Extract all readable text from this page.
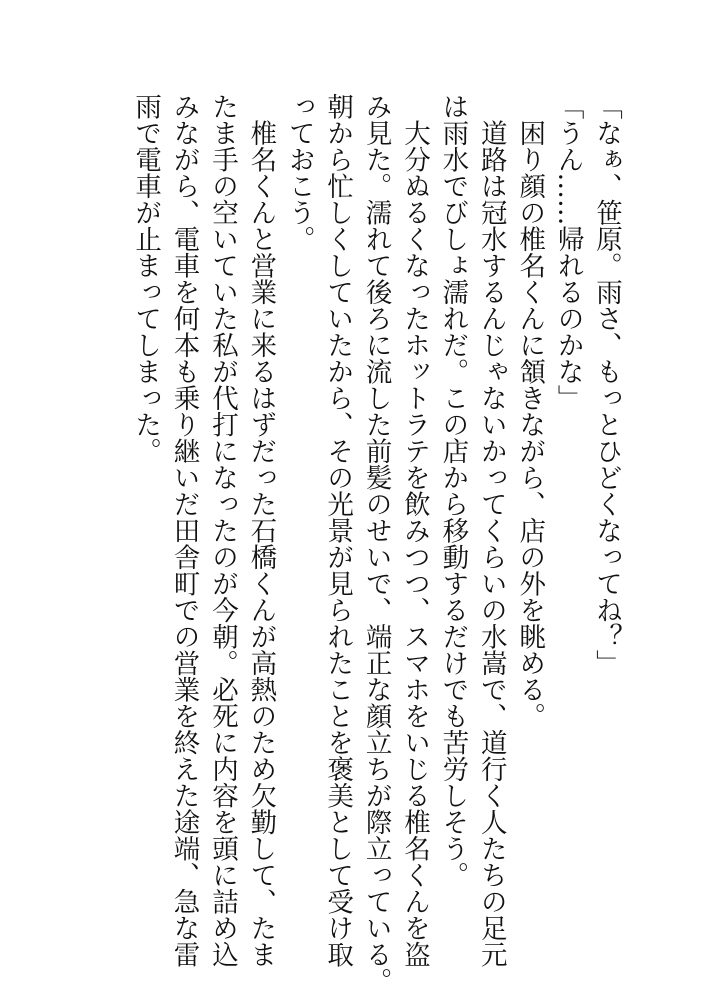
「なぁ、笹原。雨さ、もっとひどくなってね？」
「うん……帰れるのかな」
　困り顔の椎名くんに頷きながら、店の外を眺める。
　道路は冠水するんじゃないかってくらいの水嵩で、道行く人たちの足元
は雨水でびしょ濡れだ。この店から移動するだけでも苦労しそう。
　大分ぬるくなったホットラテを飲みつつ、スマホをいじる椎名くんを盗
み見た。濡れて後ろに流した前髪のせいで、端正な顔立ちが際立っている。
朝から忙しくしていたから、その光景が見られたことを褒美として受け取
っておこう。
　椎名くんと営業に来るはずだった石橋くんが高熱のため欠勤して、たま
たま手の空いていた私が代打になったのが今朝。必死に内容を頭に詰め込
みながら、電車を何本も乗り継いだ田舎町での営業を終えた途端、急な雷
雨で電車が止まってしまった。
